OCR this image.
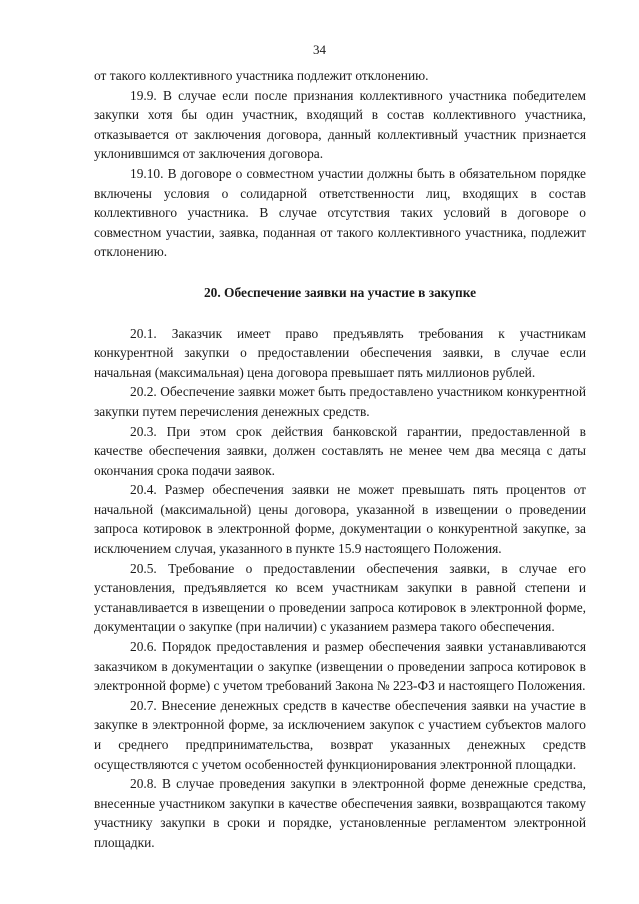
34

от такого коллективного участника подлежит отклонению.

19.9. В случае если после признания коллективного участника победителем закупки хотя бы один участник, входящий в состав коллективного участника, отказывается от заключения договора, данный коллективный участник признается уклонившимся от заключения договора.

19.10. В договоре о совместном участии должны быть в обязательном порядке включены условия о солидарной ответственности лиц, входящих в состав коллективного участника. В случае отсутствия таких условий в договоре о совместном участии, заявка, поданная от такого коллективного участника, подлежит отклонению.

20. Обеспечение заявки на участие в закупке

20.1. Заказчик имеет право предъявлять требования к участникам конкурентной закупки о предоставлении обеспечения заявки, в случае если начальная (максимальная) цена договора превышает пять миллионов рублей.

20.2. Обеспечение заявки может быть предоставлено участником конкурентной закупки путем перечисления денежных средств.

20.3. При этом срок действия банковской гарантии, предоставленной в качестве обеспечения заявки, должен составлять не менее чем два месяца с даты окончания срока подачи заявок.

20.4. Размер обеспечения заявки не может превышать пять процентов от начальной (максимальной) цены договора, указанной в извещении о проведении запроса котировок в электронной форме, документации о конкурентной закупке, за исключением случая, указанного в пункте 15.9 настоящего Положения.

20.5. Требование о предоставлении обеспечения заявки, в случае его установления, предъявляется ко всем участникам закупки в равной степени и устанавливается в извещении о проведении запроса котировок в электронной форме, документации о закупке (при наличии) с указанием размера такого обеспечения.

20.6. Порядок предоставления и размер обеспечения заявки устанавливаются заказчиком в документации о закупке (извещении о проведении запроса котировок в электронной форме) с учетом требований Закона № 223-ФЗ и настоящего Положения.

20.7. Внесение денежных средств в качестве обеспечения заявки на участие в закупке в электронной форме, за исключением закупок с участием субъектов малого и среднего предпринимательства, возврат указанных денежных средств осуществляются с учетом особенностей функционирования электронной площадки.

20.8. В случае проведения закупки в электронной форме денежные средства, внесенные участником закупки в качестве обеспечения заявки, возвращаются такому участнику закупки в сроки и порядке, установленные регламентом электронной площадки.
